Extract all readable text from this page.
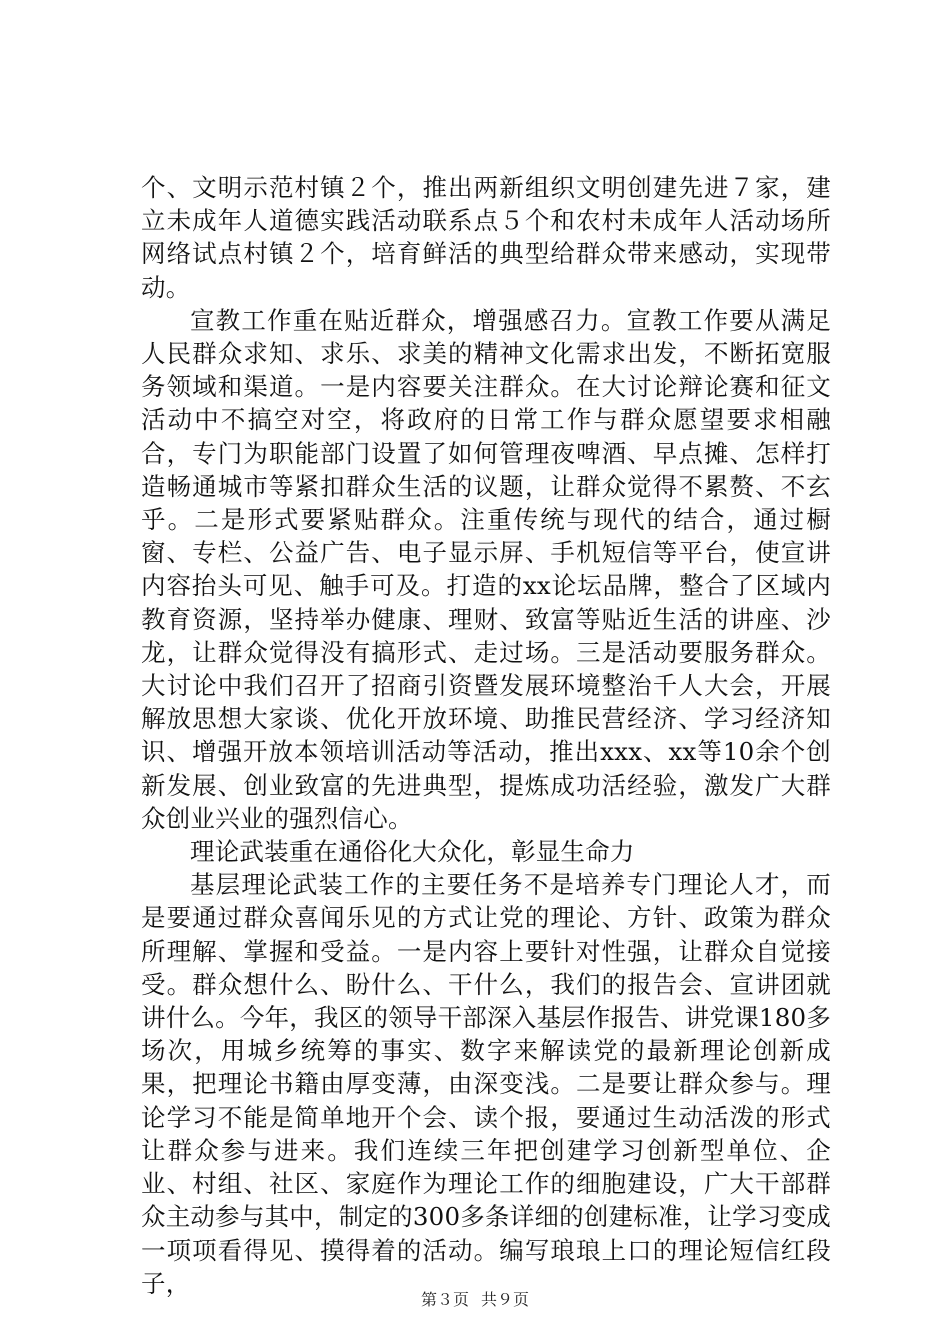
个、文明示范村镇２个，推出两新组织文明创建先进７家，建立未成年人道德实践活动联系点５个和农村未成年人活动场所网络试点村镇２个，培育鲜活的典型给群众带来感动，实现带动。

宣教工作重在贴近群众，增强感召力。宣教工作要从满足人民群众求知、求乐、求美的精神文化需求出发，不断拓宽服务领域和渠道。一是内容要关注群众。在大讨论辩论赛和征文活动中不搞空对空，将政府的日常工作与群众愿望要求相融合，专门为职能部门设置了如何管理夜啤酒、早点摊、怎样打造畅通城市等紧扣群众生活的议题，让群众觉得不累赘、不玄乎。二是形式要紧贴群众。注重传统与现代的结合，通过橱窗、专栏、公益广告、电子显示屏、手机短信等平台，使宣讲内容抬头可见、触手可及。打造的xx论坛品牌，整合了区域内教育资源，坚持举办健康、理财、致富等贴近生活的讲座、沙龙，让群众觉得没有搞形式、走过场。三是活动要服务群众。大讨论中我们召开了招商引资暨发展环境整治千人大会，开展解放思想大家谈、优化开放环境、助推民营经济、学习经济知识、增强开放本领培训活动等活动，推出xxx、xx等10余个创新发展、创业致富的先进典型，提炼成功活经验，激发广大群众创业兴业的强烈信心。

理论武装重在通俗化大众化，彰显生命力

基层理论武装工作的主要任务不是培养专门理论人才，而是要通过群众喜闻乐见的方式让党的理论、方针、政策为群众所理解、掌握和受益。一是内容上要针对性强，让群众自觉接受。群众想什么、盼什么、干什么，我们的报告会、宣讲团就讲什么。今年，我区的领导干部深入基层作报告、讲党课180多场次，用城乡统筹的事实、数字来解读党的最新理论创新成果，把理论书籍由厚变薄，由深变浅。二是要让群众参与。理论学习不能是简单地开个会、读个报，要通过生动活泼的形式让群众参与进来。我们连续三年把创建学习创新型单位、企业、村组、社区、家庭作为理论工作的细胞建设，广大干部群众主动参与其中，制定的300多条详细的创建标准，让学习变成一项项看得见、摸得着的活动。编写琅琅上口的理论短信红段子，

第３页 共９页
